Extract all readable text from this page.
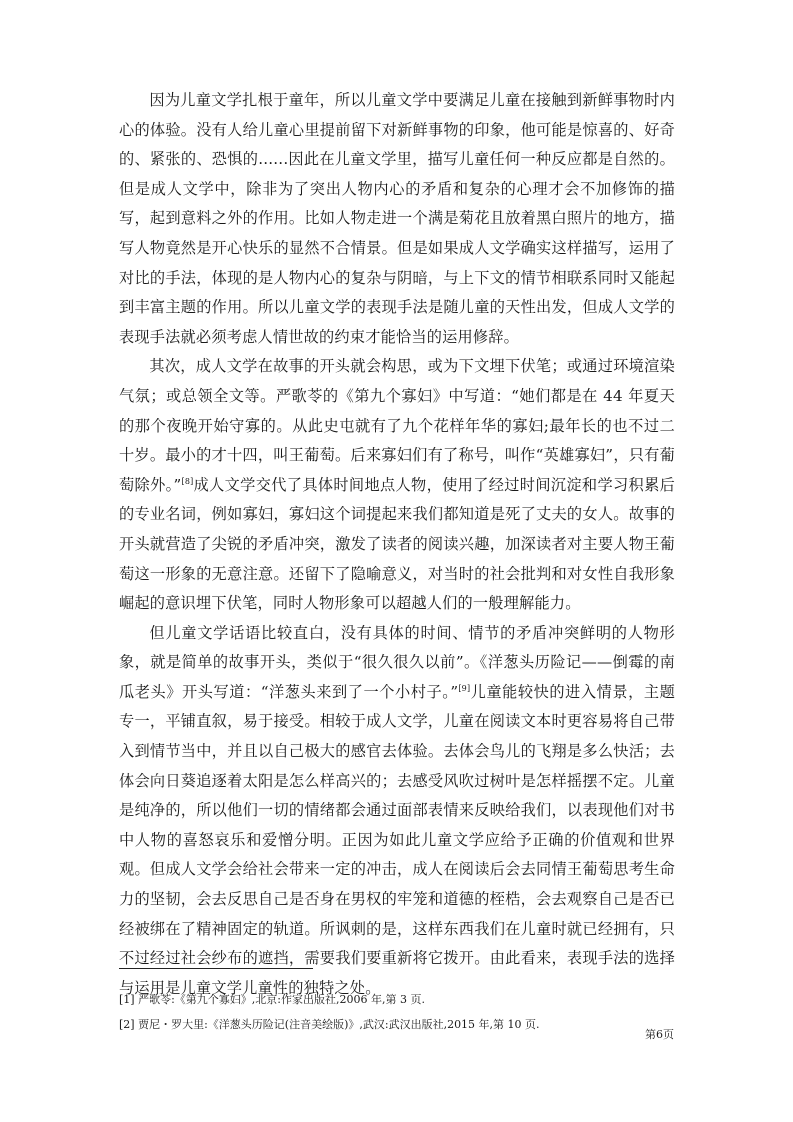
因为儿童文学扎根于童年，所以儿童文学中要满足儿童在接触到新鲜事物时内心的体验。没有人给儿童心里提前留下对新鲜事物的印象，他可能是惊喜的、好奇的、紧张的、恐惧的......因此在儿童文学里，描写儿童任何一种反应都是自然的。但是成人文学中，除非为了突出人物内心的矛盾和复杂的心理才会不加修饰的描写，起到意料之外的作用。比如人物走进一个满是菊花且放着黑白照片的地方，描写人物竟然是开心快乐的显然不合情景。但是如果成人文学确实这样描写，运用了对比的手法，体现的是人物内心的复杂与阴暗，与上下文的情节相联系同时又能起到丰富主题的作用。所以儿童文学的表现手法是随儿童的天性出发，但成人文学的表现手法就必须考虑人情世故的约束才能恰当的运用修辞。

其次，成人文学在故事的开头就会构思，或为下文埋下伏笔；或通过环境渲染气氛；或总领全文等。严歌苓的《第九个寡妇》中写道：“她们都是在 44 年夏天的那个夜晚开始守寡的。从此史屯就有了九个花样年华的寡妇;最年长的也不过二十岁。最小的才十四，叫王葡萄。后来寡妇们有了称号，叫作“英雄寡妇”，只有葡萄除外。”[8]成人文学交代了具体时间地点人物，使用了经过时间沉淀和学习积累后的专业名词，例如寡妇，寡妇这个词提起来我们都知道是死了丈夫的女人。故事的开头就营造了尖锐的矛盾冲突，激发了读者的阅读兴趣，加深读者对主要人物王葡萄这一形象的无意注意。还留下了隐喻意义，对当时的社会批判和对女性自我形象崛起的意识埋下伏笔，同时人物形象可以超越人们的一般理解能力。

但儿童文学话语比较直白，没有具体的时间、情节的矛盾冲突鲜明的人物形象，就是简单的故事开头，类似于“很久很久以前”。《洋葱头历险记——倒霉的南瓜老头》开头写道：“洋葱头来到了一个小村子。”[9]儿童能较快的进入情景，主题专一，平铺直叙，易于接受。相较于成人文学，儿童在阅读文本时更容易将自己带入到情节当中，并且以自己极大的感官去体验。去体会鸟儿的飞翔是多么快活；去体会向日葵追逐着太阳是怎么样高兴的；去感受风吹过树叶是怎样摇摆不定。儿童是纯净的，所以他们一切的情绪都会通过面部表情来反映给我们，以表现他们对书中人物的喜怒哀乐和爱憎分明。正因为如此儿童文学应给予正确的价值观和世界观。但成人文学会给社会带来一定的冲击，成人在阅读后会去同情王葡萄思考生命力的坚韧，会去反思自己是否身在男权的牢笼和道德的桎梏，会去观察自己是否已经被绑在了精神固定的轨道。所讽刺的是，这样东西我们在儿童时就已经拥有，只不过经过社会纱布的遮挡，需要我们要重新将它拨开。由此看来，表现手法的选择与运用是儿童文学儿童性的独特之处。

[1] 严歌苓:《第九个寡妇》,北京:作家出版社,2006 年,第 3 页.

[2] 贾尼・罗大里:《洋葱头历险记(注音美绘版)》,武汉:武汉出版社,2015 年,第 10 页.

第6页
